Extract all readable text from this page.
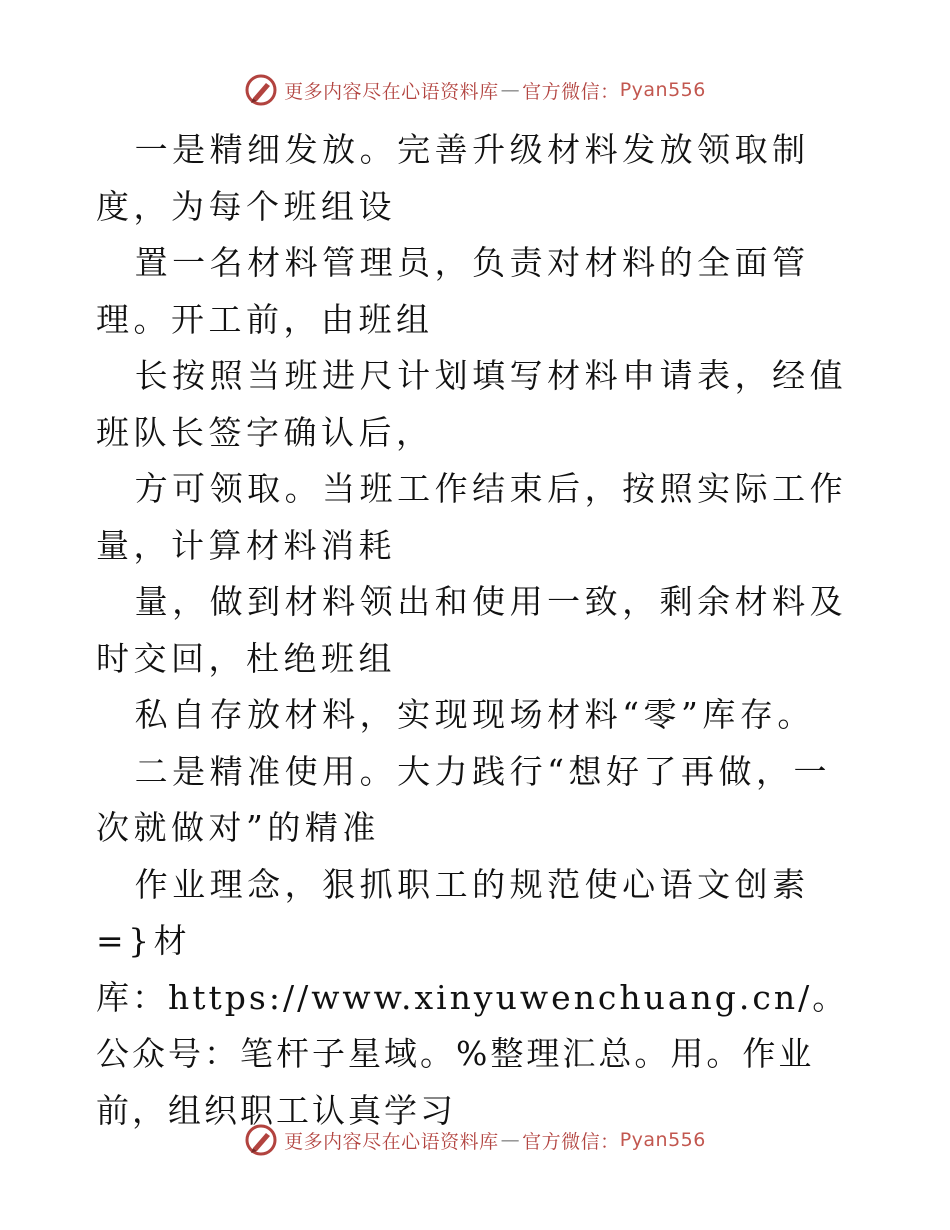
更多内容尽在心语资料库 — 官方微信： Pyan556

一是精细发放。完善升级材料发放领取制度，为每个班组设

置一名材料管理员，负责对材料的全面管理。开工前，由班组

长按照当班进尺计划填写材料申请表，经值班队长签字确认后，

方可领取。当班工作结束后，按照实际工作量，计算材料消耗

量，做到材料领出和使用一致，剩余材料及时交回，杜绝班组

私自存放材料，实现现场材料“零”库存。

二是精准使用。大力践行“想好了再做，一次就做对”的精准

作业理念，狠抓职工的规范使心语文创素=}材

库：https://www.xinyuwenchuang.cn/。公众号：笔杆子星域。%整理汇总。用。作业前，组织职工认真学习

更多内容尽在心语资料库 — 官方微信： Pyan556
